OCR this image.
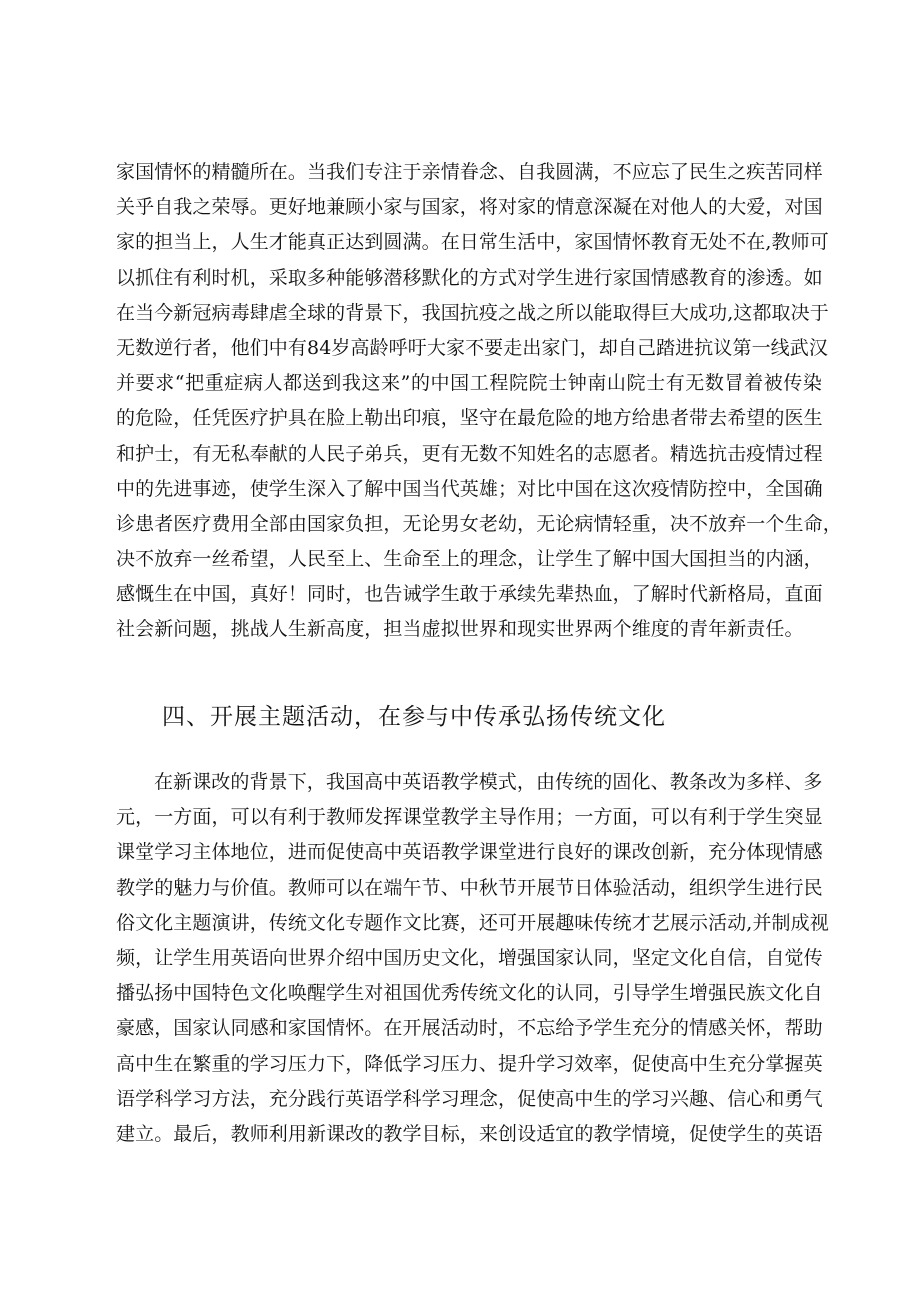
家国情怀的精髓所在。当我们专注于亲情眷念、自我圆满，不应忘了民生之疾苦同样
关乎自我之荣辱。更好地兼顾小家与国家，将对家的情意深凝在对他人的大爱，对国
家的担当上，人生才能真正达到圆满。在日常生活中，家国情怀教育无处不在,教师可
以抓住有利时机，采取多种能够潜移默化的方式对学生进行家国情感教育的渗透。如
在当今新冠病毒肆虐全球的背景下，我国抗疫之战之所以能取得巨大成功,这都取决于
无数逆行者，他们中有84岁高龄呼吁大家不要走出家门，却自己踏进抗议第一线武汉
并要求“把重症病人都送到我这来”的中国工程院院士钟南山院士有无数冒着被传染
的危险，任凭医疗护具在脸上勒出印痕，坚守在最危险的地方给患者带去希望的医生
和护士，有无私奉献的人民子弟兵，更有无数不知姓名的志愿者。精选抗击疫情过程
中的先进事迹，使学生深入了解中国当代英雄；对比中国在这次疫情防控中，全国确
诊患者医疗费用全部由国家负担，无论男女老幼，无论病情轻重，决不放弃一个生命，
决不放弃一丝希望，人民至上、生命至上的理念，让学生了解中国大国担当的内涵，
感慨生在中国，真好！同时，也告诫学生敢于承续先辈热血，了解时代新格局，直面
社会新问题，挑战人生新高度，担当虚拟世界和现实世界两个维度的青年新责任。
四、开展主题活动，在参与中传承弘扬传统文化
在新课改的背景下，我国高中英语教学模式，由传统的固化、教条改为多样、多
元，一方面，可以有利于教师发挥课堂教学主导作用；一方面，可以有利于学生突显
课堂学习主体地位，进而促使高中英语教学课堂进行良好的课改创新，充分体现情感
教学的魅力与价值。教师可以在端午节、中秋节开展节日体验活动，组织学生进行民
俗文化主题演讲，传统文化专题作文比赛，还可开展趣味传统才艺展示活动,并制成视
频，让学生用英语向世界介绍中国历史文化，增强国家认同，坚定文化自信，自觉传
播弘扬中国特色文化唤醒学生对祖国优秀传统文化的认同，引导学生增强民族文化自
豪感，国家认同感和家国情怀。在开展活动时，不忘给予学生充分的情感关怀，帮助
高中生在繁重的学习压力下，降低学习压力、提升学习效率，促使高中生充分掌握英
语学科学习方法，充分践行英语学科学习理念，促使高中生的学习兴趣、信心和勇气
建立。最后，教师利用新课改的教学目标，来创设适宜的教学情境，促使学生的英语
